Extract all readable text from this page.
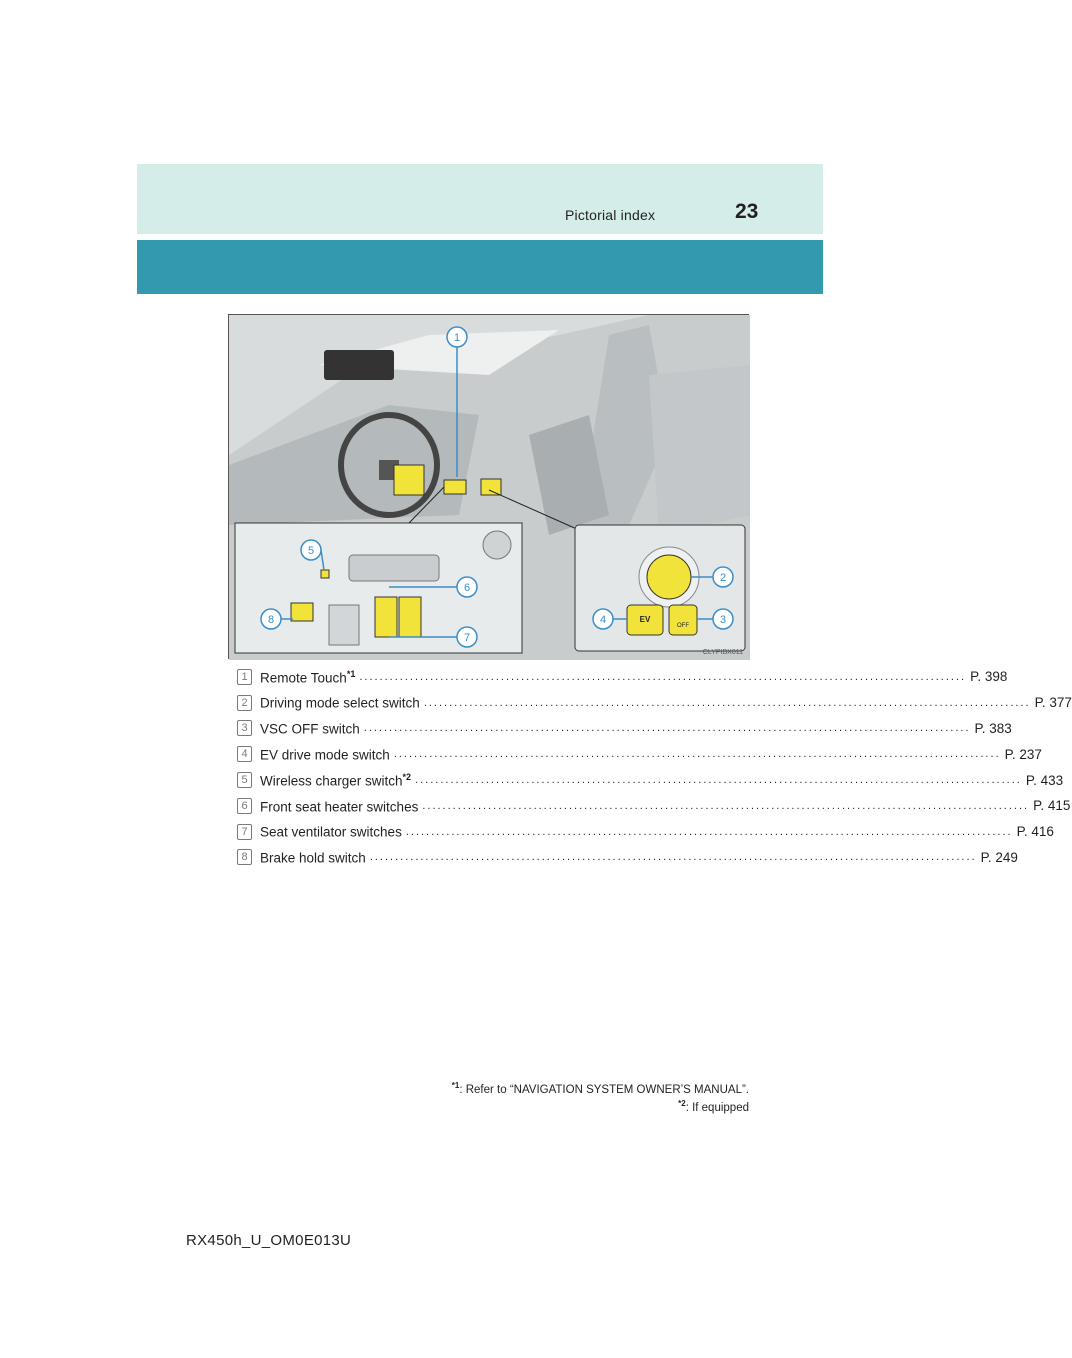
Pictorial index	23
EV
OFF
1
2
3
4
5
6
7
8
CLYPIBX011
1 Remote Touch$^{*1}$ ........................................................................................................................ P. 398
2 Driving mode select switch ........................................................................................................................ P. 377
3 VSC OFF switch ........................................................................................................................ P. 383
4 EV drive mode switch ........................................................................................................................ P. 237
5 Wireless charger switch$^{*2}$ ........................................................................................................................ P. 433
6 Front seat heater switches ........................................................................................................................ P. 415
7 Seat ventilator switches ........................................................................................................................ P. 416
8 Brake hold switch ........................................................................................................................ P. 249
$^{*1}$: Refer to “NAVIGATION SYSTEM OWNER’S MANUAL”.
$^{*2}$: If equipped
RX450h_U_OM0E013U
